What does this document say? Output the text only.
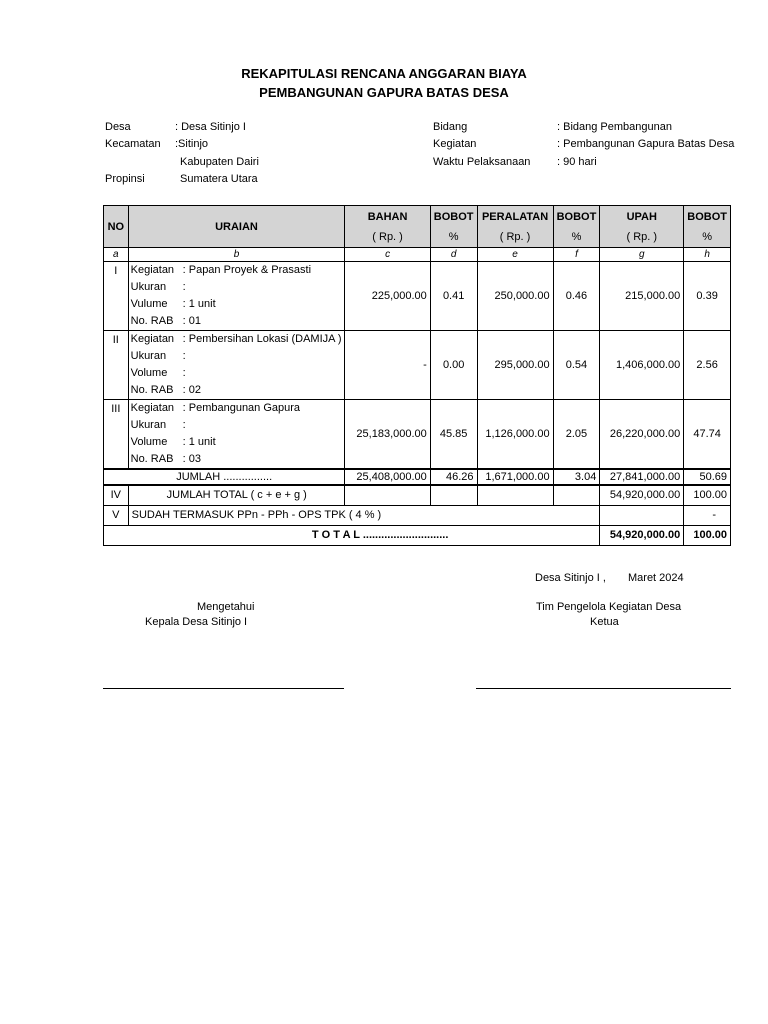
REKAPITULASI RENCANA ANGGARAN BIAYA
PEMBANGUNAN GAPURA BATAS DESA
Desa	: Desa Sitinjo I
Kecamatan :Sitinjo
Kabupaten Dairi
Propinsi	Sumatera Utara
Bidang	: Bidang Pembangunan
Kegiatan	: Pembangunan Gapura Batas Desa
Waktu Pelaksanaan : 90 hari
NO	URAIAN	BAHAN	BOBOT	PERALATAN	BOBOT	UPAH	BOBOT
		( Rp. )	%	( Rp. )	%	( Rp. )	%
a	b	c	d	e	f	g	h
I	Kegiatan : Papan Proyek & Prasasti
Ukuran :
Vulume : 1 unit
No. RAB : 01	225,000.00	0.41	250,000.00	0.46	215,000.00	0.39
II	Kegiatan : Pembersihan Lokasi (DAMIJA )
Ukuran :
Volume :
No. RAB : 02	-	0.00	295,000.00	0.54	1,406,000.00	2.56
III	Kegiatan : Pembangunan Gapura
Ukuran :
Volume : 1 unit
No. RAB : 03	25,183,000.00	45.85	1,126,000.00	2.05	26,220,000.00	47.74
JUMLAH ................		25,408,000.00	46.26	1,671,000.00	3.04	27,841,000.00	50.69
IV	JUMLAH TOTAL ( c + e + g )					54,920,000.00	100.00
V	SUDAH TERMASUK PPn - PPh - OPS TPK ( 4 % )						-
T O T A L ............................						54,920,000.00	100.00
Desa Sitinjo I , Maret 2024
Mengetahui
Kepala Desa Sitinjo I
Tim Pengelola Kegiatan Desa
Ketua
